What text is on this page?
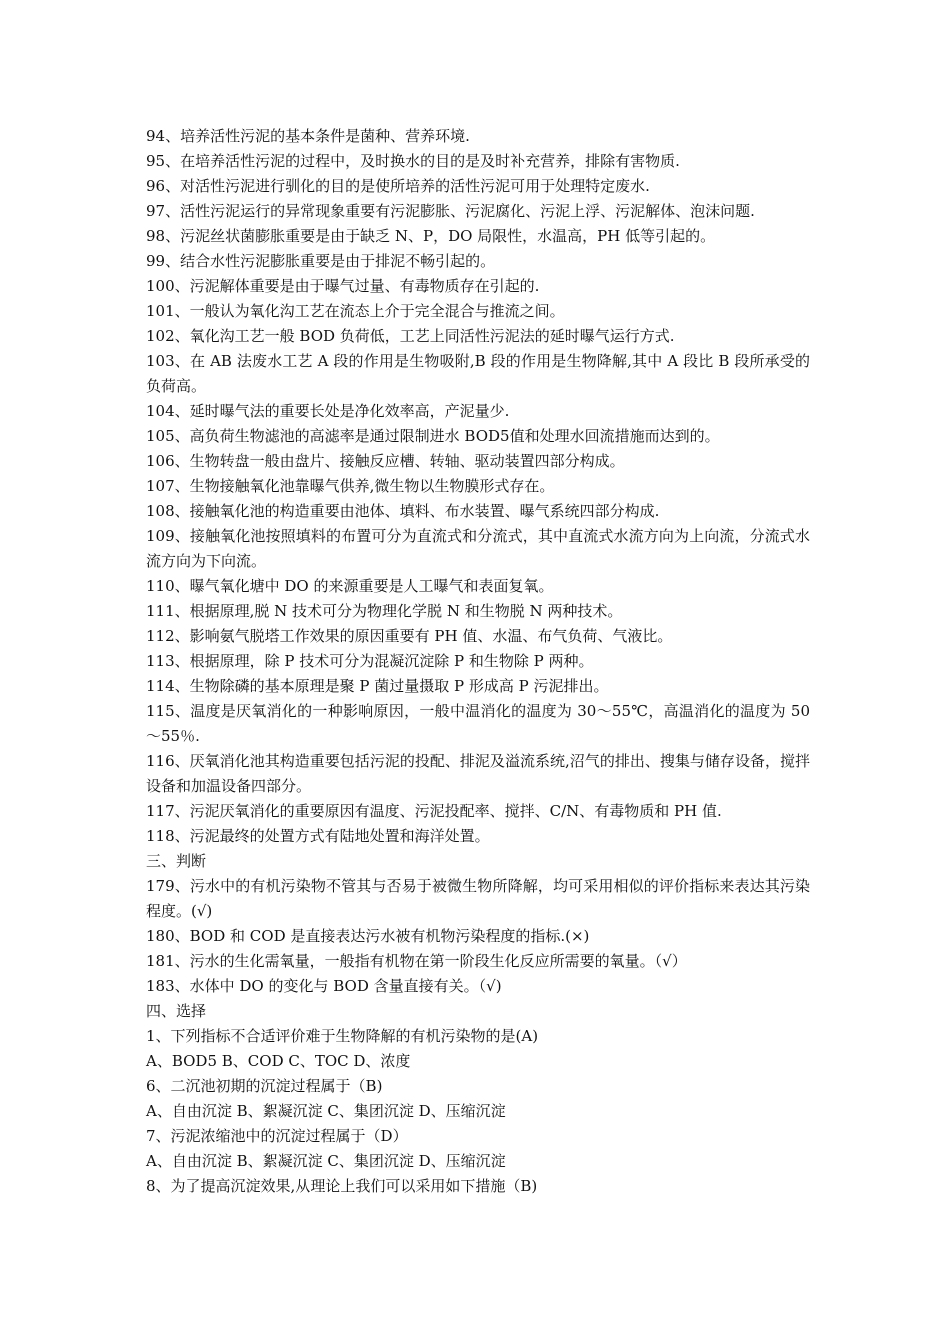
94、培养活性污泥的基本条件是菌种、营养环境.

95、在培养活性污泥的过程中，及时换水的目的是及时补充营养，排除有害物质.

96、对活性污泥进行驯化的目的是使所培养的活性污泥可用于处理特定废水.

97、活性污泥运行的异常现象重要有污泥膨胀、污泥腐化、污泥上浮、污泥解体、泡沫问题.

98、污泥丝状菌膨胀重要是由于缺乏 N、P，DO 局限性，水温高，PH 低等引起的。

99、结合水性污泥膨胀重要是由于排泥不畅引起的。

100、污泥解体重要是由于曝气过量、有毒物质存在引起的.

101、一般认为氧化沟工艺在流态上介于完全混合与推流之间。

102、氧化沟工艺一般 BOD 负荷低，工艺上同活性污泥法的延时曝气运行方式.

103、在 AB 法废水工艺 A 段的作用是生物吸附,B 段的作用是生物降解,其中 A 段比 B 段所承受的负荷高。

104、延时曝气法的重要长处是净化效率高，产泥量少.

105、高负荷生物滤池的高滤率是通过限制进水 BOD5值和处理水回流措施而达到的。

106、生物转盘一般由盘片、接触反应槽、转轴、驱动装置四部分构成。

107、生物接触氧化池靠曝气供养,微生物以生物膜形式存在。

108、接触氧化池的构造重要由池体、填料、布水装置、曝气系统四部分构成.

109、接触氧化池按照填料的布置可分为直流式和分流式，其中直流式水流方向为上向流，分流式水流方向为下向流。

110、曝气氧化塘中 DO 的来源重要是人工曝气和表面复氧。

111、根据原理,脱 N 技术可分为物理化学脱 N 和生物脱 N 两种技术。

112、影响氨气脱塔工作效果的原因重要有 PH 值、水温、布气负荷、气液比。

113、根据原理，除 P 技术可分为混凝沉淀除 P 和生物除 P 两种。

114、生物除磷的基本原理是聚 P 菌过量摄取 P 形成高 P 污泥排出。

115、温度是厌氧消化的一种影响原因，一般中温消化的温度为 30～55℃，高温消化的温度为 50～55％.

116、厌氧消化池其构造重要包括污泥的投配、排泥及溢流系统,沼气的排出、搜集与储存设备，搅拌设备和加温设备四部分。

117、污泥厌氧消化的重要原因有温度、污泥投配率、搅拌、C/N、有毒物质和 PH 值.

118、污泥最终的处置方式有陆地处置和海洋处置。

三、判断

179、污水中的有机污染物不管其与否易于被微生物所降解，均可采用相似的评价指标来表达其污染程度。(√)

180、BOD 和 COD 是直接表达污水被有机物污染程度的指标.(×)

181、污水的生化需氧量，一般指有机物在第一阶段生化反应所需要的氧量。（√）

183、水体中 DO 的变化与 BOD 含量直接有关。（√)

四、选择

1、下列指标不合适评价难于生物降解的有机污染物的是(A)

A、BOD5 B、COD C、TOC D、浓度

6、二沉池初期的沉淀过程属于（B)

A、自由沉淀 B、絮凝沉淀 C、集团沉淀 D、压缩沉淀

7、污泥浓缩池中的沉淀过程属于（D）

A、自由沉淀 B、絮凝沉淀 C、集团沉淀 D、压缩沉淀

8、为了提高沉淀效果,从理论上我们可以采用如下措施（B)
